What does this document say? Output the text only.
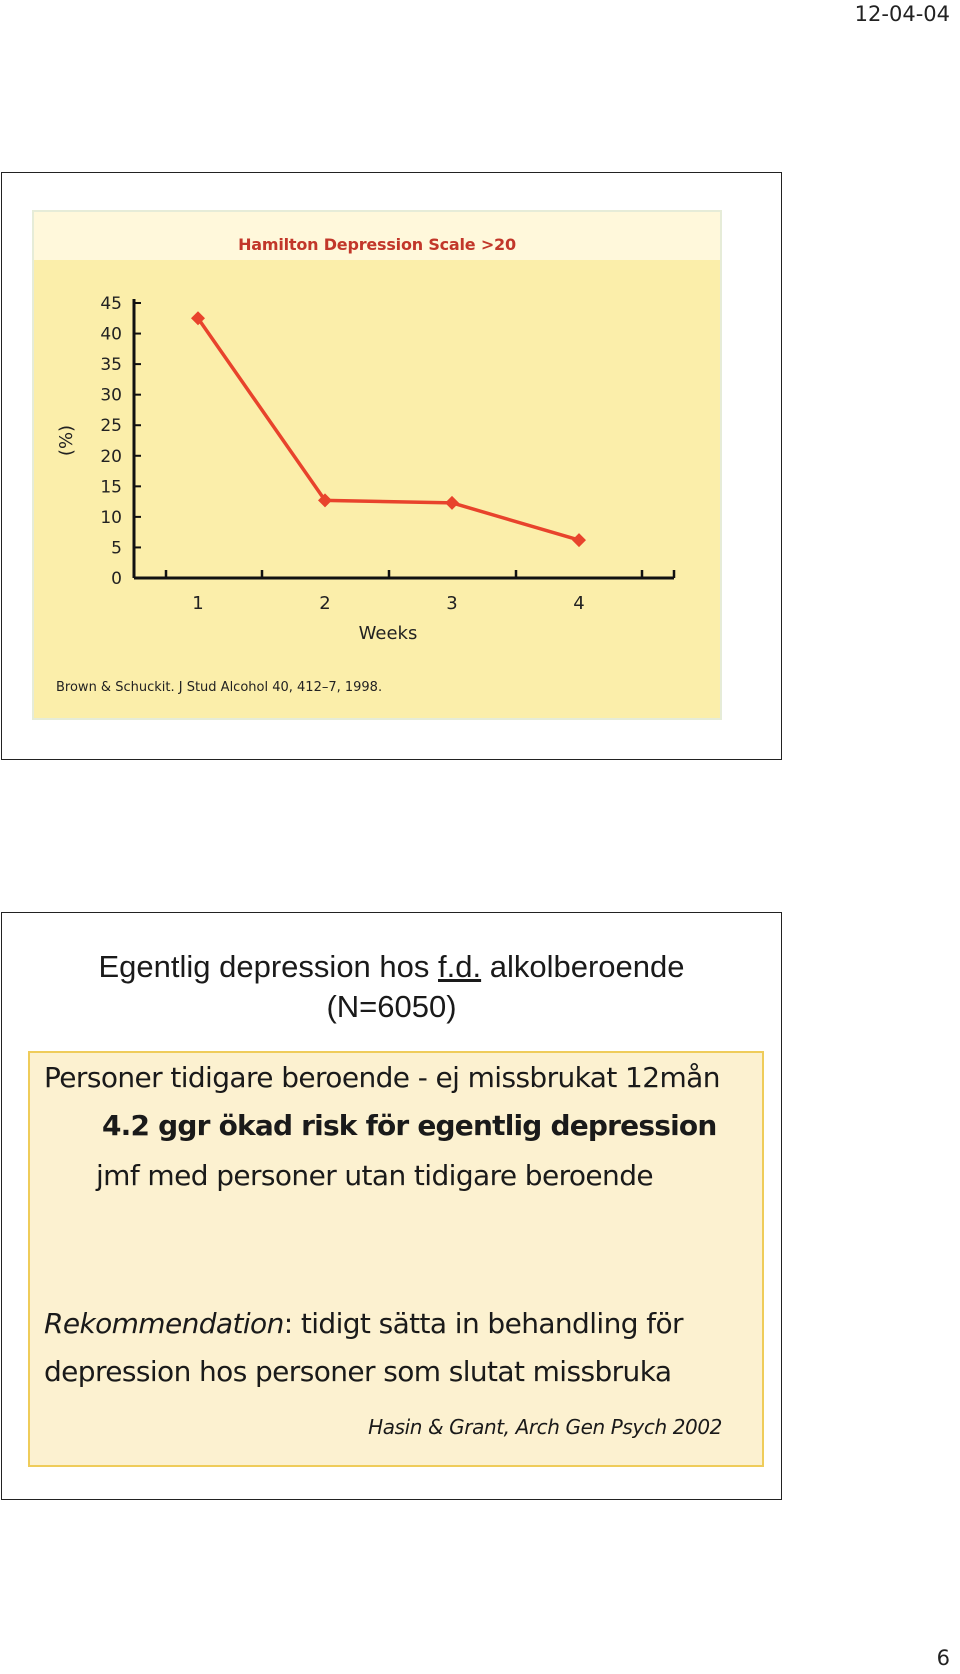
12-04-04
Hamilton Depression Scale >20
0
5
10
15
20
25
30
35
40
45
1	2	3	4
Weeks
(%)
Brown & Schuckit. J Stud Alcohol 40, 412–7, 1998.
Egentlig depression hos f.d. alkolberoende
(N=6050)
Personer tidigare beroende - ej missbrukat 12mån
4.2 ggr ökad risk för egentlig depression
jmf med personer utan tidigare beroende
Rekommendation: tidigt sätta in behandling för
depression hos personer som slutat missbruka
Hasin & Grant, Arch Gen Psych 2002
6
